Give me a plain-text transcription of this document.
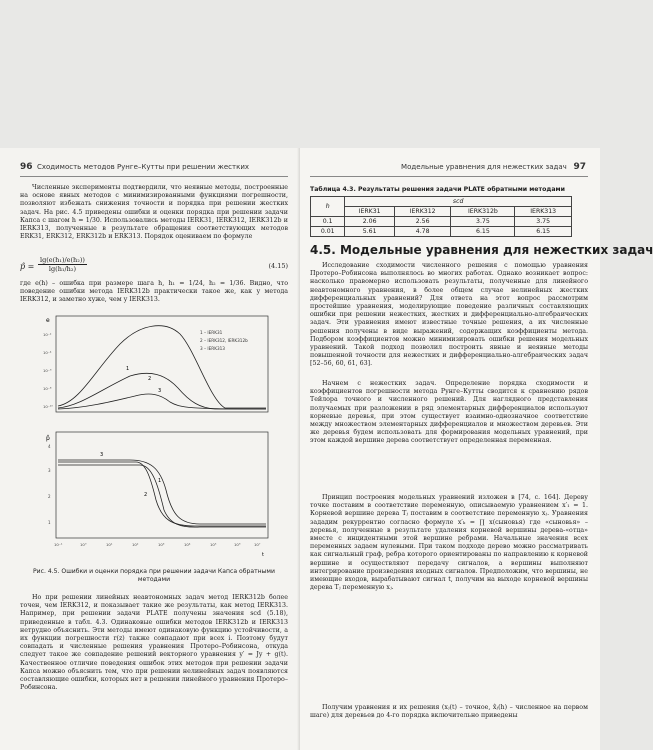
96 Сходимость методов Рунге–Кутты при решении жестких

Численные эксперименты подтвердили, что неявные методы, построенные на основе явных методов с минимизированными функциями погрешности, позволяют избежать снижения точности и порядка при решении жестких задач. На рис. 4.5 приведены ошибки и оценки порядка при решении задачи Капса с шагом h = 1/30. Использовались методы IERK31, IERK312, IERK312b и IERK313, полученные в результате обращения соответствующих методов ERK31, ERK312, ERK312b и ERK313. Порядок оцениваем по формуле

p̂ = $\frac{\text{lg(e(h₁)/e(h₂))}}{\text{lg(h₁/h₂)}}$	(4.15)

где e(h) – ошибка при размере шага h, h₁ = 1/24, h₂ = 1/36. Видно, что поведение ошибки метода IERK312b практически такое же, как у метода IERK312, и заметно хуже, чем у IERK313.

e
10⁻²
10⁻⁴
10⁻⁶
10⁻⁸
10⁻¹⁰
1
2
3
1 – IERK31
2 – IERK312, IERK312b
3 – IERK313
p̂
4
3
2
1
3
2
1
10⁻¹	10⁰	10¹	10²	10³	10⁴	10⁵	10⁶	10⁷
t
Рис. 4.5. Ошибки и оценки порядка при решении задачи Капса обратными методами

Но при решении линейных неавтономных задач метод IERK312b более точен, чем IERK312, и показывает такие же результаты, как метод IERK313. Например, при решении задачи PLATE получены значения scd (5.18), приведенные в табл. 4.3. Одинаковые ошибки методов IERK312b и IERK313 нетрудно объяснить. Эти методы имеют одинаковую функцию устойчивости, а их функции погрешности r(z) также совпадают при всех i. Поэтому будут совпадать и численные решения уравнения Протеро–Робинсона, откуда следует такое же совпадение решений векторного уравнения y′ = Jy + g(t). Качественное отличие поведения ошибок этих методов при решении задачи Капса можно объяснить тем, что при решении нелинейных задач появляются составляющие ошибки, которых нет в решении линейного уравнения Протеро–Робинсона.

Модельные уравнения для нежестких задач 97
Таблица 4.3. Результаты решения задачи PLATE обратными методами
h	scd			
	IERK31	IERK312	IERK312b	IERK313
0.1	2.06	2.56	3.75	3.75
0.01	5.61	4.78	6.15	6.15
4.5. Модельные уравнения для нежестких задач

Исследование сходимости численного решения с помощью уравнения Протеро–Робинсона выполнялось во многих работах. Однако возникает вопрос: насколько правомерно использовать результаты, полученные для линейного неавтономного уравнения, в более общем случае нелинейных жестких дифференциальных уравнений? Для ответа на этот вопрос рассмотрим простейшие уравнения, моделирующие поведение различных составляющих ошибки при решении нежестких, жестких и дифференциально-алгебраических задач. Эти уравнения имеют известные точные решения, а их численные решения получены в виде выражений, содержащих коэффициенты метода. Подбором коэффициентов можно минимизировать ошибки решения модельных уравнений. Такой подход позволил построить явные и неявные методы повышенной точности для нежестких и дифференциально-алгебраических задач [52–56, 60, 61, 63].

Начнем с нежестких задач. Определение порядка сходимости и коэффициентов погрешности метода Рунге–Кутты сводится к сравнению рядов Тейлора точного и численного решений. Для наглядного представления получаемых при разложении в ряд элементарных дифференциалов используют корневые деревья, при этом существует взаимно-однозначное соответствие между множеством элементарных дифференциалов и множеством деревьев. Эти же деревья будем использовать для формирования модельных уравнений, при этом каждой вершине дерева соответствует определенная переменная.

Принцип построения модельных уравнений изложен в [74, с. 164]. Дереву точке поставим в соответствие переменную, описываемую уравнением x′₁ = 1. Корневой вершине дерева Tⱼ поставим в соответствие переменную xⱼ. Уравнения зададим рекуррентно согласно формуле x′ₖ = ∏ x(сыновья) где «сыновья» – деревья, полученные в результате удаления корневой вершины дерева-«отца» вместе с инцидентными этой вершине ребрами. Начальные значения всех переменных задаем нулевыми. При таком подходе дерево можно рассматривать как сигнальный граф, ребра которого ориентированы по направлению к корневой вершине и осуществляют передачу сигналов, а вершины выполняют интегрирование произведения входных сигналов. Предположим, что вершины, не имеющие входов, вырабатывают сигнал t, получим на выходе корневой вершины дерева Tⱼ переменную xⱼ.

Получим уравнения и их решения (xⱼ(t) – точное, x̂ⱼ(h) – численное на первом шаге) для деревьев до 4-го порядка включительно приведены
